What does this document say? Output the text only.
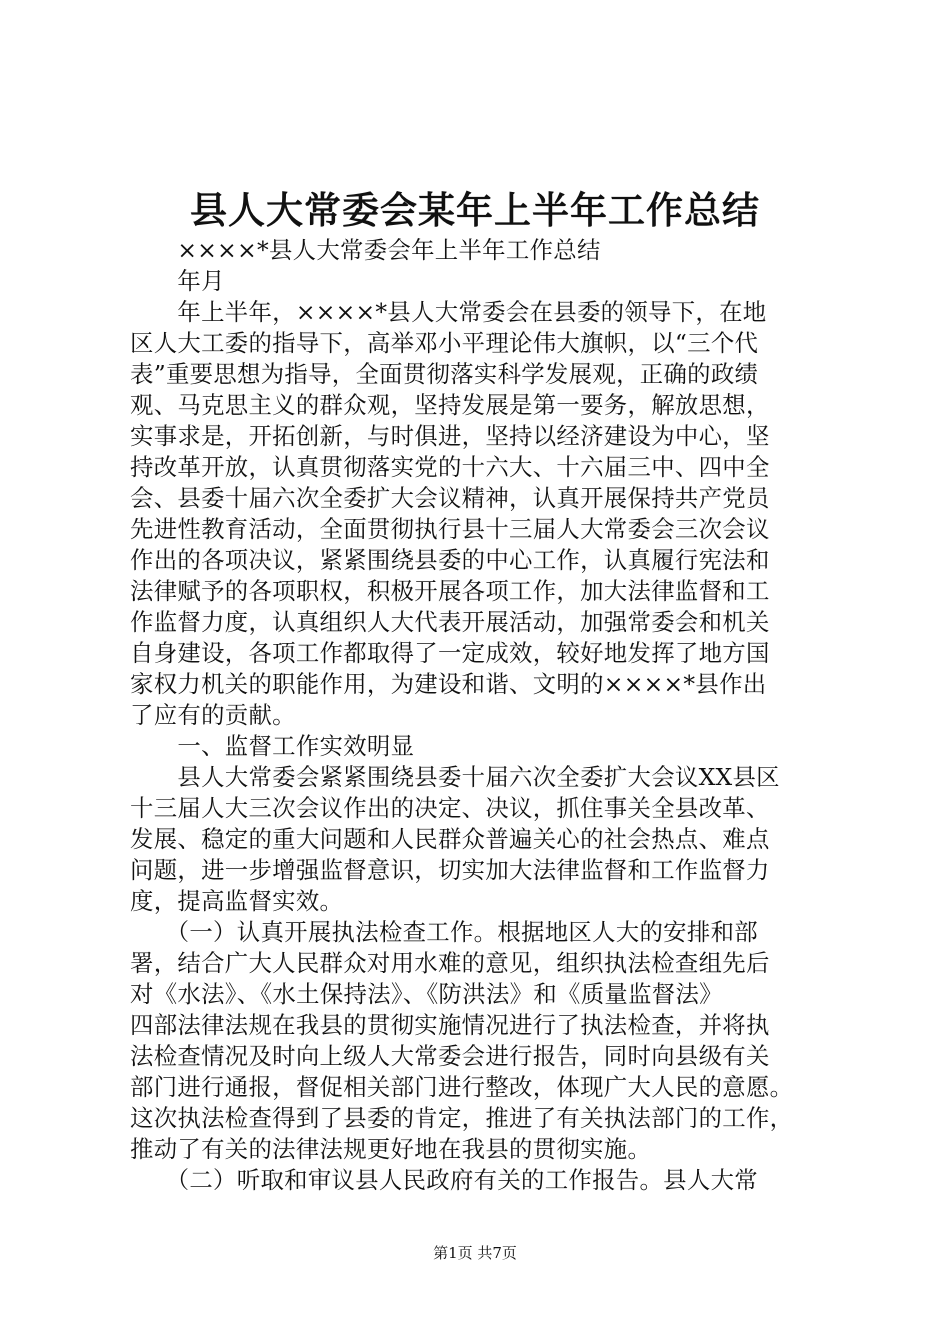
县人大常委会某年上半年工作总结
　　××××*县人大常委会年上半年工作总结
　　年月
　　年上半年，××××*县人大常委会在县委的领导下，在地
区人大工委的指导下，高举邓小平理论伟大旗帜，以“三个代
表”重要思想为指导，全面贯彻落实科学发展观，正确的政绩
观、马克思主义的群众观，坚持发展是第一要务，解放思想，
实事求是，开拓创新，与时俱进，坚持以经济建设为中心，坚
持改革开放，认真贯彻落实党的十六大、十六届三中、四中全
会、县委十届六次全委扩大会议精神，认真开展保持共产党员
先进性教育活动，全面贯彻执行县十三届人大常委会三次会议
作出的各项决议，紧紧围绕县委的中心工作，认真履行宪法和
法律赋予的各项职权，积极开展各项工作，加大法律监督和工
作监督力度，认真组织人大代表开展活动，加强常委会和机关
自身建设，各项工作都取得了一定成效，较好地发挥了地方国
家权力机关的职能作用，为建设和谐、文明的××××*县作出
了应有的贡献。
　　一、监督工作实效明显
　　县人大常委会紧紧围绕县委十届六次全委扩大会议XX县区
十三届人大三次会议作出的决定、决议，抓住事关全县改革、
发展、稳定的重大问题和人民群众普遍关心的社会热点、难点
问题，进一步增强监督意识，切实加大法律监督和工作监督力
度，提高监督实效。
　　（一）认真开展执法检查工作。根据地区人大的安排和部
署，结合广大人民群众对用水难的意见，组织执法检查组先后
对《水法》、《水土保持法》、《防洪法》和《质量监督法》
四部法律法规在我县的贯彻实施情况进行了执法检查，并将执
法检查情况及时向上级人大常委会进行报告，同时向县级有关
部门进行通报，督促相关部门进行整改，体现广大人民的意愿。
这次执法检查得到了县委的肯定，推进了有关执法部门的工作，
推动了有关的法律法规更好地在我县的贯彻实施。
　　（二）听取和审议县人民政府有关的工作报告。县人大常
第1页 共7页
